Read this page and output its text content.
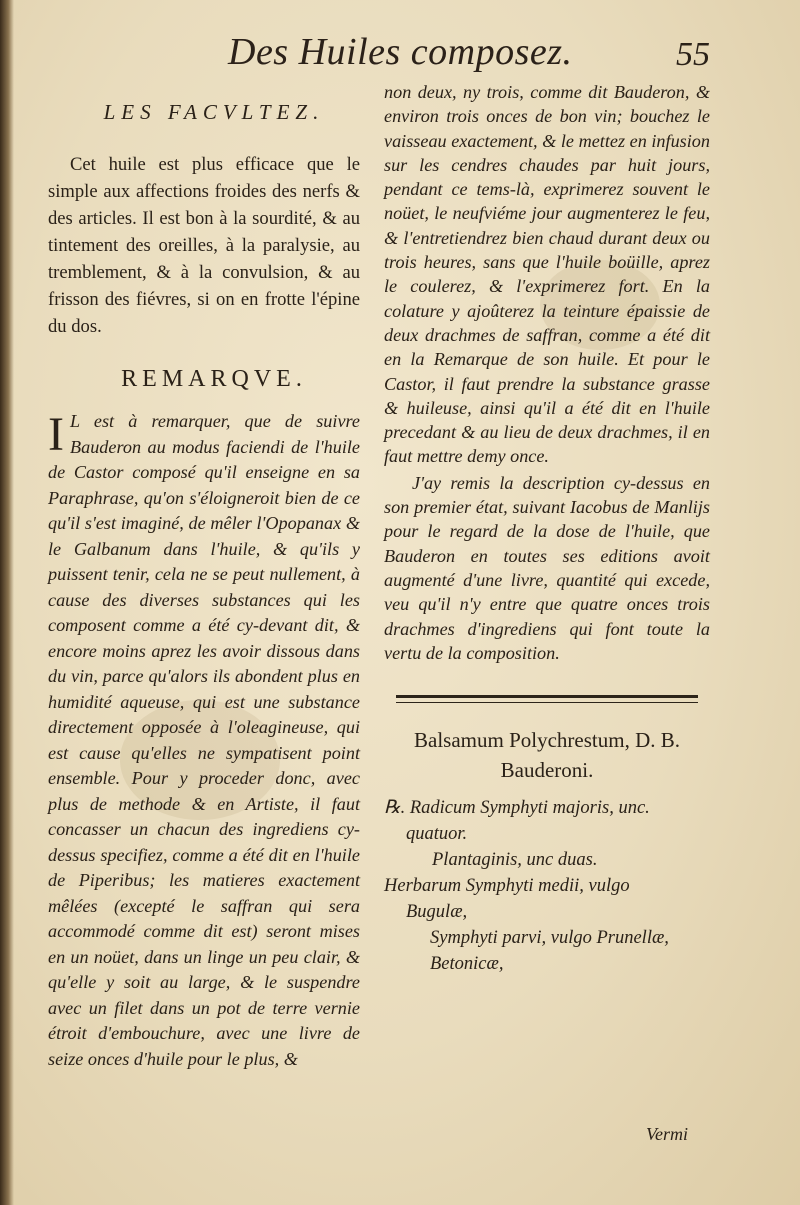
Des Huiles composez.	55
LES FACVLTEZ.

Cet huile est plus efficace que le simple aux affections froides des nerfs & des articles. Il est bon à la sourdité, & au tintement des oreilles, à la paralysie, au tremblement, & à la convulsion, & au frisson des fiévres, si on en frotte l'épine du dos.

REMARQVE.

I L est à remarquer, que de suivre Bauderon au modus faciendi de l'huile de Castor composé qu'il enseigne en sa Paraphrase, qu'on s'éloigneroit bien de ce qu'il s'est imaginé, de mêler l'Opopanax & le Galbanum dans l'huile, & qu'ils y puissent tenir, cela ne se peut nullement, à cause des diverses substances qui les composent comme a été cy-devant dit, & encore moins aprez les avoir dissous dans du vin, parce qu'alors ils abondent plus en humidité aqueuse, qui est une substance directement opposée à l'oleagineuse, qui est cause qu'elles ne sympatisent point ensemble. Pour y proceder donc, avec plus de methode & en Artiste, il faut concasser un chacun des ingrediens cy-dessus specifiez, comme a été dit en l'huile de Piperibus; les matieres exactement mêlées (excepté le saffran qui sera accommodé comme dit est) seront mises en un noüet, dans un linge un peu clair, & qu'elle y soit au large, & le suspendre avec un filet dans un pot de terre vernie étroit d'embouchure, avec une livre de seize onces d'huile pour le plus, &

non deux, ny trois, comme dit Bauderon, & environ trois onces de bon vin; bouchez le vaisseau exactement, & le mettez en infusion sur les cendres chaudes par huit jours, pendant ce tems-là, exprimerez souvent le noüet, le neufviéme jour augmenterez le feu, & l'entretiendrez bien chaud durant deux ou trois heures, sans que l'huile boüille, aprez le coulerez, & l'exprimerez fort. En la colature y ajoûterez la teinture épaissie de deux drachmes de saffran, comme a été dit en la Remarque de son huile. Et pour le Castor, il faut prendre la substance grasse & huileuse, ainsi qu'il a été dit en l'huile precedant & au lieu de deux drachmes, il en faut mettre demy once.

J'ay remis la description cy-dessus en son premier état, suivant Iacobus de Manlijs pour le regard de la dose de l'huile, que Bauderon en toutes ses editions avoit augmenté d'une livre, quantité qui excede, veu qu'il n'y entre que quatre onces trois drachmes d'ingrediens qui font toute la vertu de la composition.

Balsamum Polychrestum, D. B.
Bauderoni.
℞. Radicum Symphyti majoris, unc.
quatuor.
Plantaginis, unc duas.
Herbarum Symphyti medii, vulgo
Bugulæ,
Symphyti parvi, vulgo Prunellæ,
Betonicæ,
Vermi
